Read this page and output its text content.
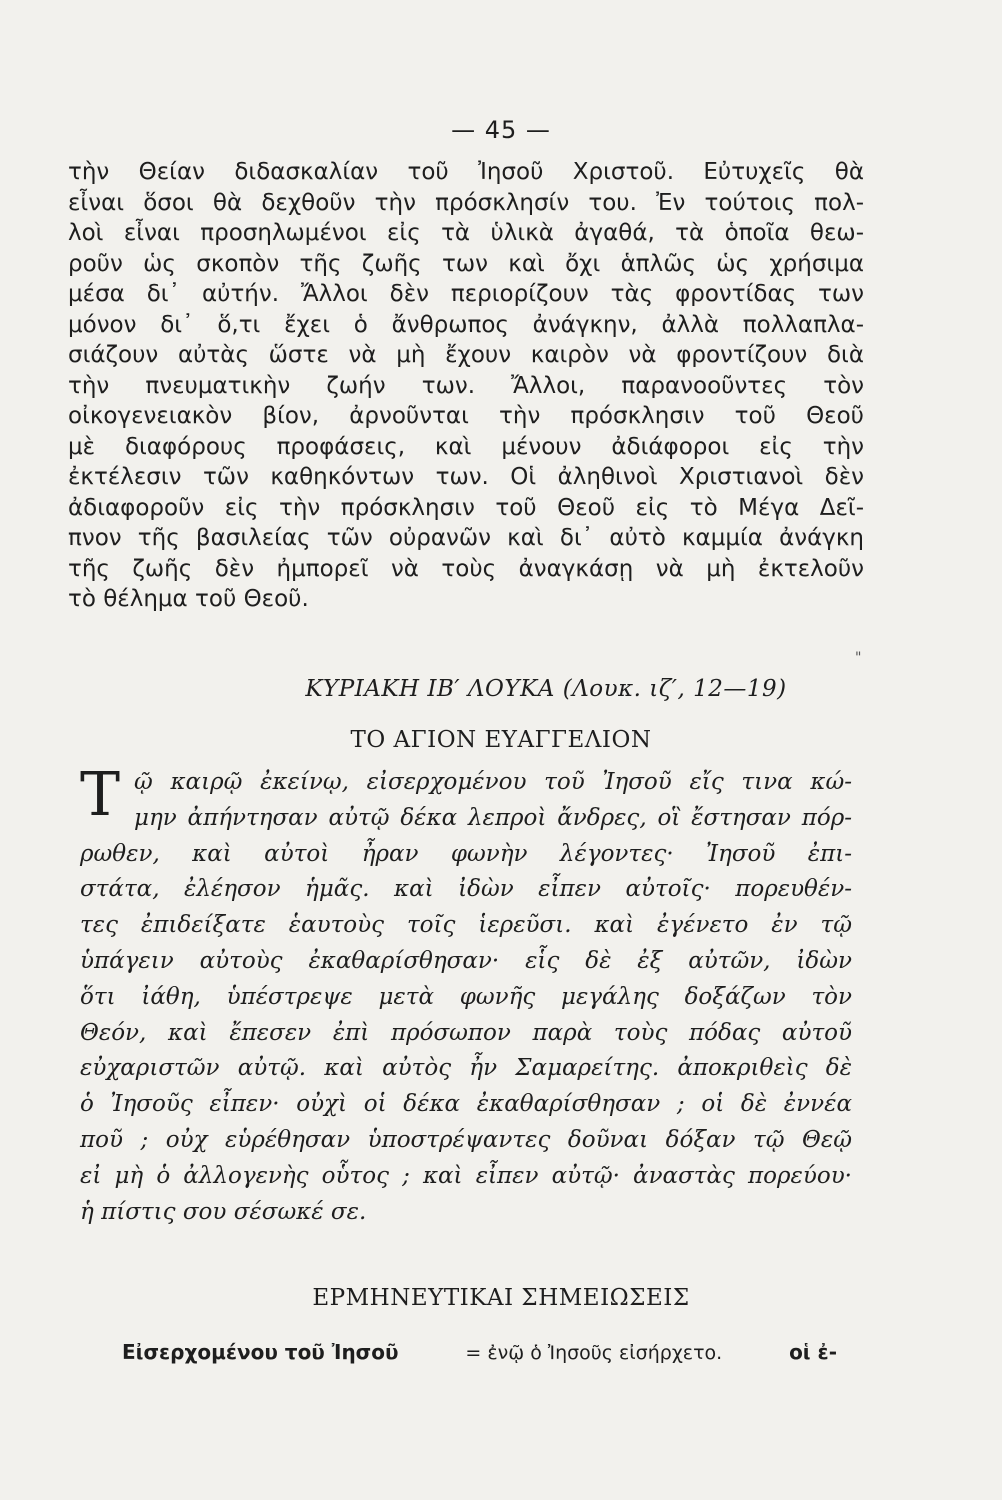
— 45 —
τὴν Θείαν διδασκαλίαν τοῦ Ἰησοῦ Χριστοῦ. Εὐτυχεῖς θὰ
εἶναι ὅσοι θὰ δεχθοῦν τὴν πρόσκλησίν του. Ἐν τούτοις πολ-
λοὶ εἶναι προσηλωμένοι εἰς τὰ ὑλικὰ ἀγαθά, τὰ ὁποῖα θεω-
ροῦν ὡς σκοπὸν τῆς ζωῆς των καὶ ὄχι ἁπλῶς ὡς χρήσιμα
μέσα δι᾿ αὐτήν. Ἄλλοι δὲν περιορίζουν τὰς φροντίδας των
μόνον δι᾿ ὅ,τι ἔχει ὁ ἄνθρωπος ἀνάγκην, ἀλλὰ πολλαπλα-
σιάζουν αὐτὰς ὥστε νὰ μὴ ἔχουν καιρὸν νὰ φροντίζουν διὰ
τὴν πνευματικὴν ζωήν των. Ἄλλοι, παρανοοῦντες τὸν
οἰκογενειακὸν βίον, ἀρνοῦνται τὴν πρόσκλησιν τοῦ Θεοῦ
μὲ διαφόρους προφάσεις, καὶ μένουν ἀδιάφοροι εἰς τὴν
ἐκτέλεσιν τῶν καθηκόντων των. Οἱ ἀληθινοὶ Χριστιανοὶ δὲν
ἀδιαφοροῦν εἰς τὴν πρόσκλησιν τοῦ Θεοῦ εἰς τὸ Μέγα Δεῖ-
πνον τῆς βασιλείας τῶν οὐρανῶν καὶ δι᾿ αὐτὸ καμμία ἀνάγκη
τῆς ζωῆς δὲν ἠμπορεῖ νὰ τοὺς ἀναγκάσῃ νὰ μὴ ἐκτελοῦν
τὸ θέλημα τοῦ Θεοῦ.
"
ΚΥΡΙΑΚΗ ΙΒ′ ΛΟΥΚΑ (Λουκ. ιζ′, 12—19)
ΤΟ ΑΓΙΟΝ ΕΥΑΓΓΕΛΙΟΝ
Τ ῷ καιρῷ ἐκείνῳ, εἰσερχομένου τοῦ Ἰησοῦ εἴς τινα κώ-
μην ἀπήντησαν αὐτῷ δέκα λεπροὶ ἄνδρες, οἳ ἔστησαν πόρ-
ρωθεν, καὶ αὐτοὶ ἦραν φωνὴν λέγοντες· Ἰησοῦ ἐπι-
στάτα, ἐλέησον ἡμᾶς. καὶ ἰδὼν εἶπεν αὐτοῖς· πορευθέν-
τες ἐπιδείξατε ἑαυτοὺς τοῖς ἱερεῦσι. καὶ ἐγένετο ἐν τῷ
ὑπάγειν αὐτοὺς ἐκαθαρίσθησαν· εἷς δὲ ἐξ αὐτῶν, ἰδὼν
ὅτι ἰάθη, ὑπέστρεψε μετὰ φωνῆς μεγάλης δοξάζων τὸν
Θεόν, καὶ ἔπεσεν ἐπὶ πρόσωπον παρὰ τοὺς πόδας αὐτοῦ
εὐχαριστῶν αὐτῷ. καὶ αὐτὸς ἦν Σαμαρείτης. ἀποκριθεὶς δὲ
ὁ Ἰησοῦς εἶπεν· οὐχὶ οἱ δέκα ἐκαθαρίσθησαν ; οἱ δὲ ἐννέα
ποῦ ; οὐχ εὑρέθησαν ὑποστρέψαντες δοῦναι δόξαν τῷ Θεῷ
εἰ μὴ ὁ ἀλλογενὴς οὗτος ; καὶ εἶπεν αὐτῷ· ἀναστὰς πορεύου·
ἡ πίστις σου σέσωκέ σε.
ΕΡΜΗΝΕΥΤΙΚΑΙ ΣΗΜΕΙΩΣΕΙΣ
Εἰσερχομένου τοῦ Ἰησοῦ	= ἐνῷ ὁ Ἰησοῦς εἰσήρχετο.	οἱ ἐ-
